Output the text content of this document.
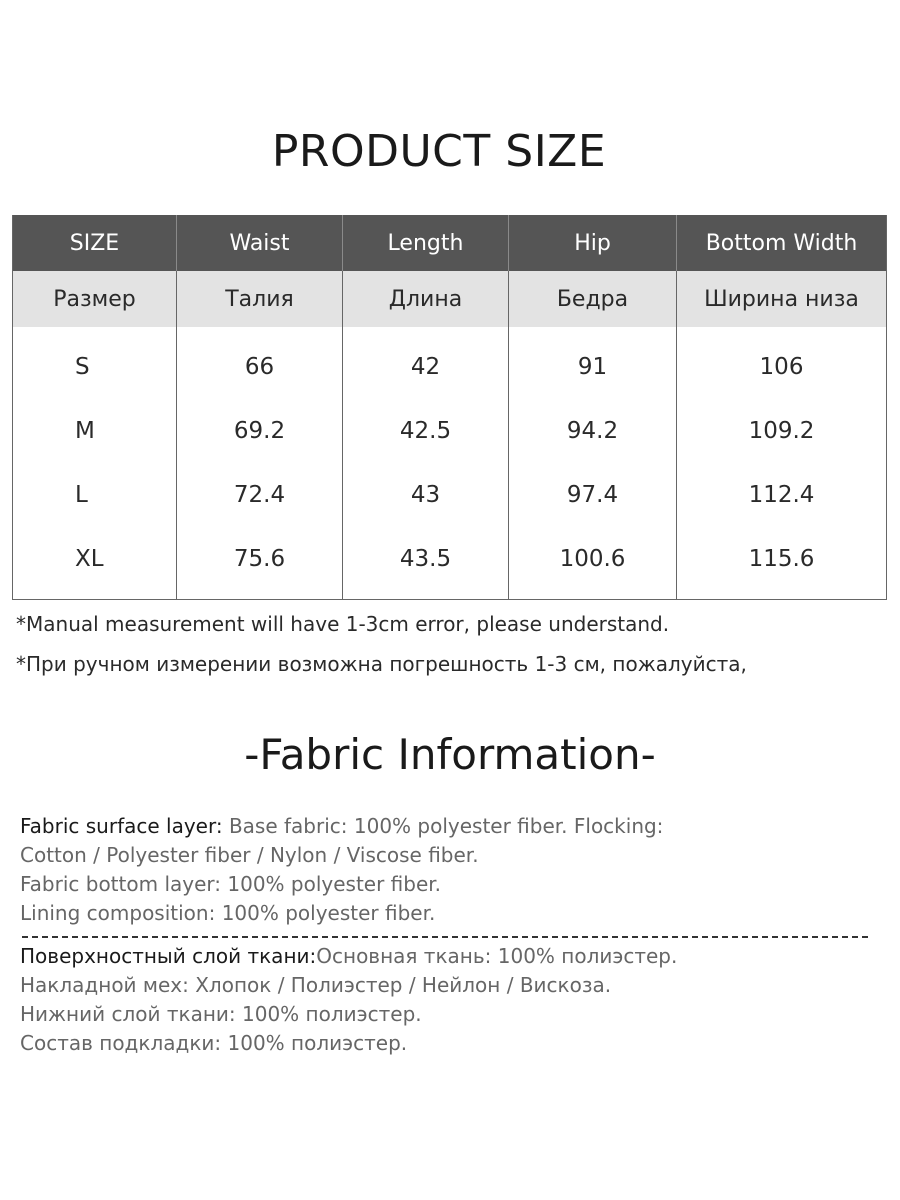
PRODUCT SIZE
SIZE	Waist	Length	Hip	Bottom Width
Размер	Талия	Длина	Бедра	Ширина низа
S	66	42	91	106
M	69.2	42.5	94.2	109.2
L	72.4	43	97.4	112.4
XL	75.6	43.5	100.6	115.6
*Manual measurement will have 1-3cm error, please understand.
*При ручном измерении возможна погрешность 1-3 см, пожалуйста,
-Fabric Information-
Fabric surface layer: Base fabric: 100% polyester fiber. Flocking:
Cotton / Polyester fiber / Nylon / Viscose fiber.
Fabric bottom layer: 100% polyester fiber.
Lining composition: 100% polyester fiber.
Поверхностный слой ткани:Основная ткань: 100% полиэстер.
Накладной мех: Хлопок / Полиэстер / Нейлон / Вискоза.
Нижний слой ткани: 100% полиэстер.
Состав подкладки: 100% полиэстер.
